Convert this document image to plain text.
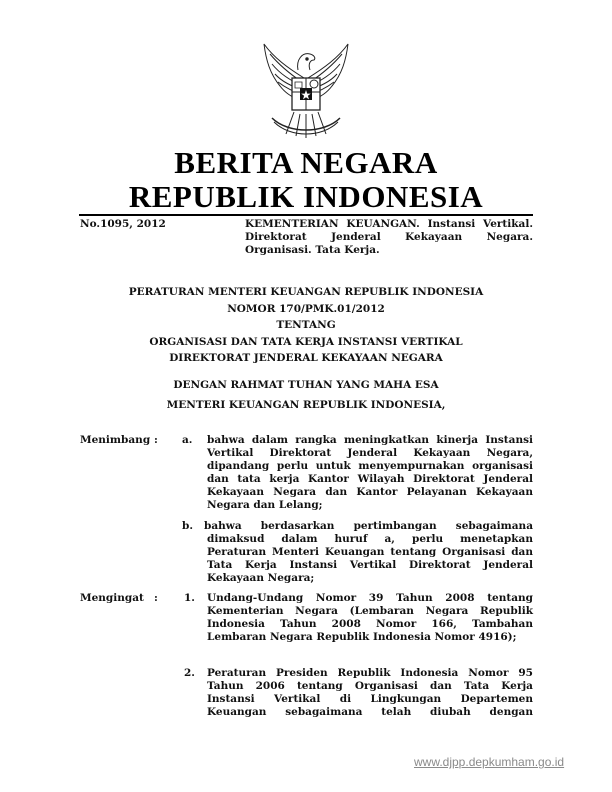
BERITA NEGARA
REPUBLIK INDONESIA
No.1095, 2012	KEMENTERIAN KEUANGAN. Instansi Vertikal. Direktorat Jenderal Kekayaan Negara. Organisasi. Tata Kerja.
PERATURAN MENTERI KEUANGAN REPUBLIK INDONESIA
NOMOR 170/PMK.01/2012
TENTANG
ORGANISASI DAN TATA KERJA INSTANSI VERTIKAL
DIREKTORAT JENDERAL KEKAYAAN NEGARA
DENGAN RAHMAT TUHAN YANG MAHA ESA
MENTERI KEUANGAN REPUBLIK INDONESIA,
Menimbang : a. bahwa dalam rangka meningkatkan kinerja Instansi
Vertikal Direktorat Jenderal Kekayaan Negara,
dipandang perlu untuk menyempurnakan organisasi
dan tata kerja Kantor Wilayah Direktorat Jenderal
Kekayaan Negara dan Kantor Pelayanan Kekayaan
Negara dan Lelang;
b. bahwa berdasarkan pertimbangan sebagaimana
dimaksud dalam huruf a, perlu menetapkan
Peraturan Menteri Keuangan tentang Organisasi dan
Tata Kerja Instansi Vertikal Direktorat Jenderal
Kekayaan Negara;
Mengingat : 1. Undang-Undang Nomor 39 Tahun 2008 tentang
Kementerian Negara (Lembaran Negara Republik
Indonesia Tahun 2008 Nomor 166, Tambahan
Lembaran Negara Republik Indonesia Nomor 4916);
2. Peraturan Presiden Republik Indonesia Nomor 95
Tahun 2006 tentang Organisasi dan Tata Kerja
Instansi Vertikal di Lingkungan Departemen
Keuangan sebagaimana telah diubah dengan
www.djpp.depkumham.go.id
